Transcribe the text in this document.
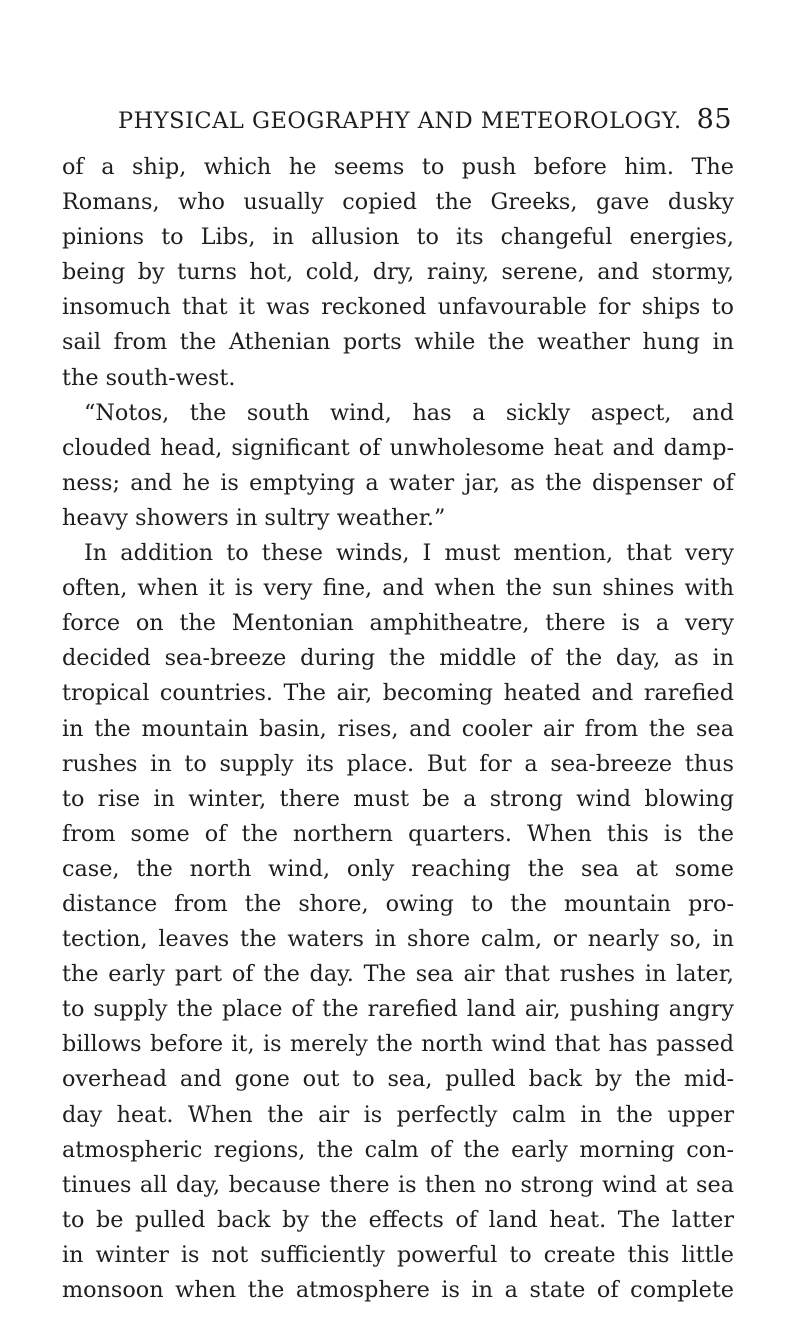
PHYSICAL GEOGRAPHY AND METEOROLOGY. 85
of a ship, which he seems to push before him. The
Romans, who usually copied the Greeks, gave dusky
pinions to Libs, in allusion to its changeful energies,
being by turns hot, cold, dry, rainy, serene, and stormy,
insomuch that it was reckoned unfavourable for ships to
sail from the Athenian ports while the weather hung in
the south-west.
“Notos, the south wind, has a sickly aspect, and
clouded head, significant of unwholesome heat and damp-
ness; and he is emptying a water jar, as the dispenser of
heavy showers in sultry weather.”
In addition to these winds, I must mention, that very
often, when it is very fine, and when the sun shines with
force on the Mentonian amphitheatre, there is a very
decided sea-breeze during the middle of the day, as in
tropical countries. The air, becoming heated and rarefied
in the mountain basin, rises, and cooler air from the sea
rushes in to supply its place. But for a sea-breeze thus
to rise in winter, there must be a strong wind blowing
from some of the northern quarters. When this is the
case, the north wind, only reaching the sea at some
distance from the shore, owing to the mountain pro-
tection, leaves the waters in shore calm, or nearly so, in
the early part of the day. The sea air that rushes in later,
to supply the place of the rarefied land air, pushing angry
billows before it, is merely the north wind that has passed
overhead and gone out to sea, pulled back by the mid-
day heat. When the air is perfectly calm in the upper
atmospheric regions, the calm of the early morning con-
tinues all day, because there is then no strong wind at sea
to be pulled back by the effects of land heat. The latter
in winter is not sufficiently powerful to create this little
monsoon when the atmosphere is in a state of complete
